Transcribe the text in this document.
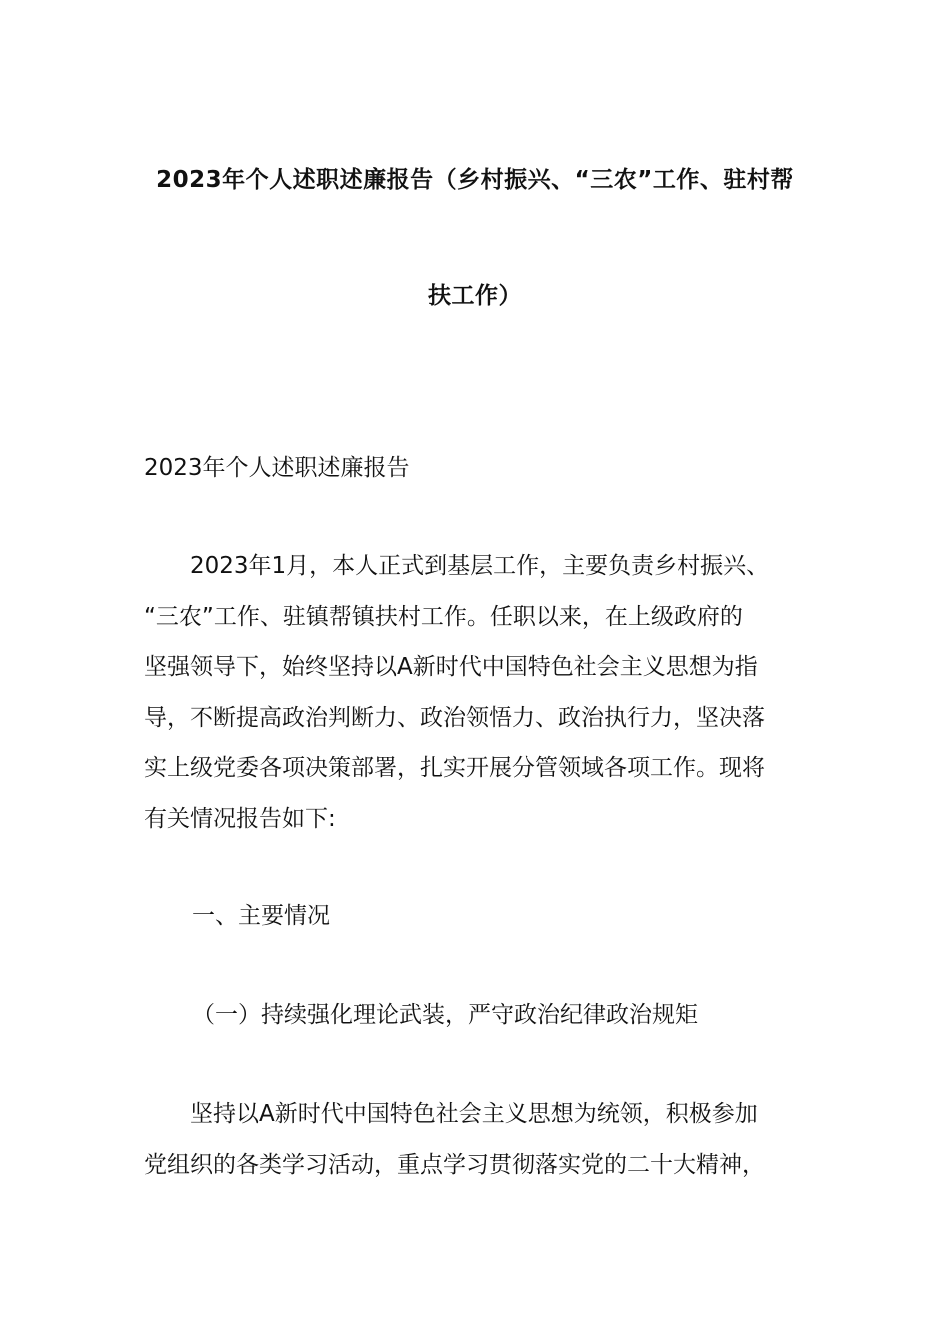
2023年个人述职述廉报告（乡村振兴、“三农”工作、驻村帮
扶工作）
2023年个人述职述廉报告
　　2023年1月，本人正式到基层工作，主要负责乡村振兴、
“三农”工作、驻镇帮镇扶村工作。任职以来，在上级政府的
坚强领导下，始终坚持以A新时代中国特色社会主义思想为指
导，不断提高政治判断力、政治领悟力、政治执行力，坚决落
实上级党委各项决策部署，扎实开展分管领域各项工作。现将
有关情况报告如下:
一、主要情况
（一）持续强化理论武装，严守政治纪律政治规矩
　　坚持以A新时代中国特色社会主义思想为统领，积极参加
党组织的各类学习活动，重点学习贯彻落实党的二十大精神，
